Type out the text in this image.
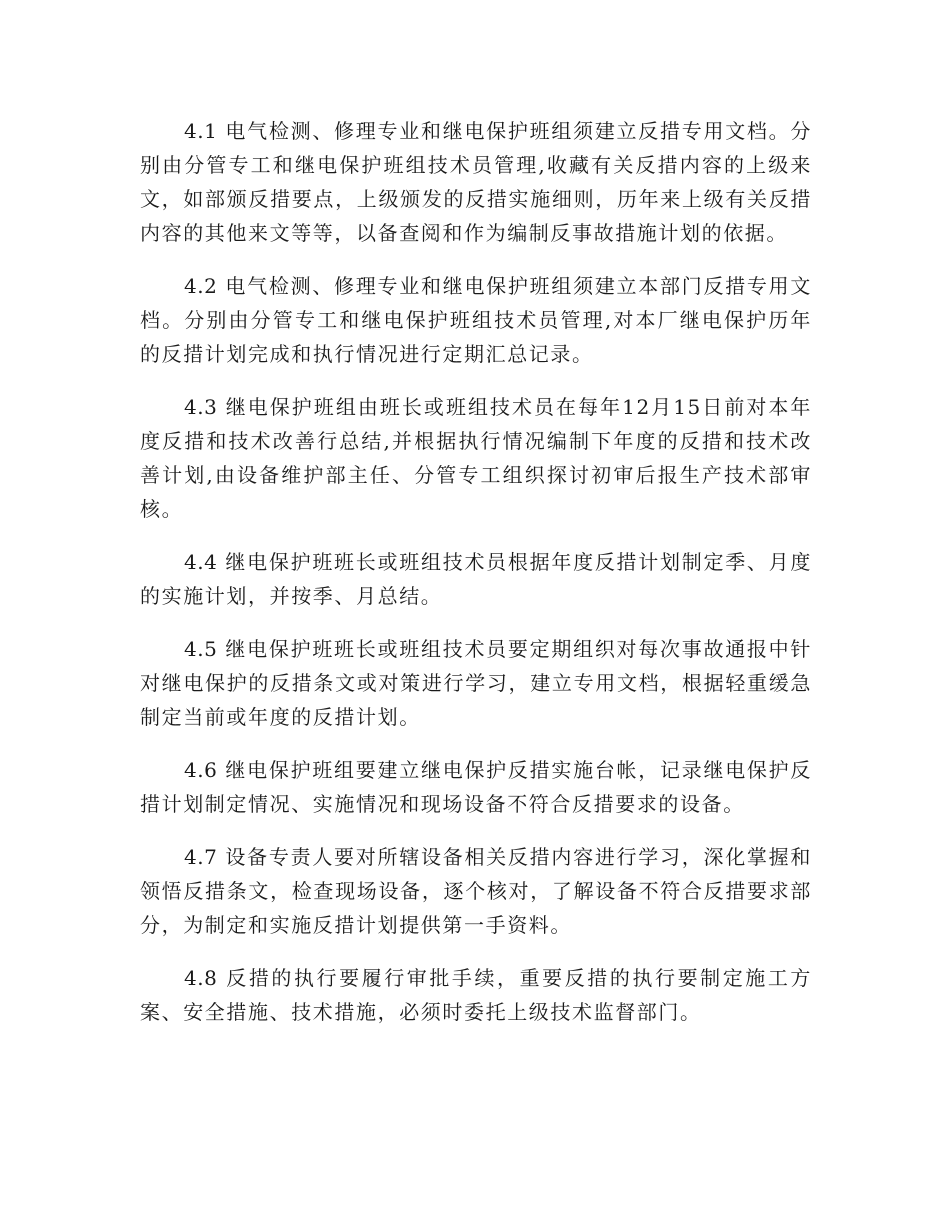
4.1 电气检测、修理专业和继电保护班组须建立反措专用文档。分别由分管专工和继电保护班组技术员管理,收藏有关反措内容的上级来文，如部颁反措要点，上级颁发的反措实施细则，历年来上级有关反措内容的其他来文等等，以备查阅和作为编制反事故措施计划的依据。

4.2 电气检测、修理专业和继电保护班组须建立本部门反措专用文档。分别由分管专工和继电保护班组技术员管理,对本厂继电保护历年的反措计划完成和执行情况进行定期汇总记录。

4.3 继电保护班组由班长或班组技术员在每年12月15日前对本年度反措和技术改善行总结,并根据执行情况编制下年度的反措和技术改善计划,由设备维护部主任、分管专工组织探讨初审后报生产技术部审核。

4.4 继电保护班班长或班组技术员根据年度反措计划制定季、月度的实施计划，并按季、月总结。

4.5 继电保护班班长或班组技术员要定期组织对每次事故通报中针对继电保护的反措条文或对策进行学习，建立专用文档，根据轻重缓急制定当前或年度的反措计划。

4.6 继电保护班组要建立继电保护反措实施台帐，记录继电保护反措计划制定情况、实施情况和现场设备不符合反措要求的设备。

4.7 设备专责人要对所辖设备相关反措内容进行学习，深化掌握和领悟反措条文，检查现场设备，逐个核对，了解设备不符合反措要求部分，为制定和实施反措计划提供第一手资料。

4.8 反措的执行要履行审批手续，重要反措的执行要制定施工方案、安全措施、技术措施，必须时委托上级技术监督部门。
